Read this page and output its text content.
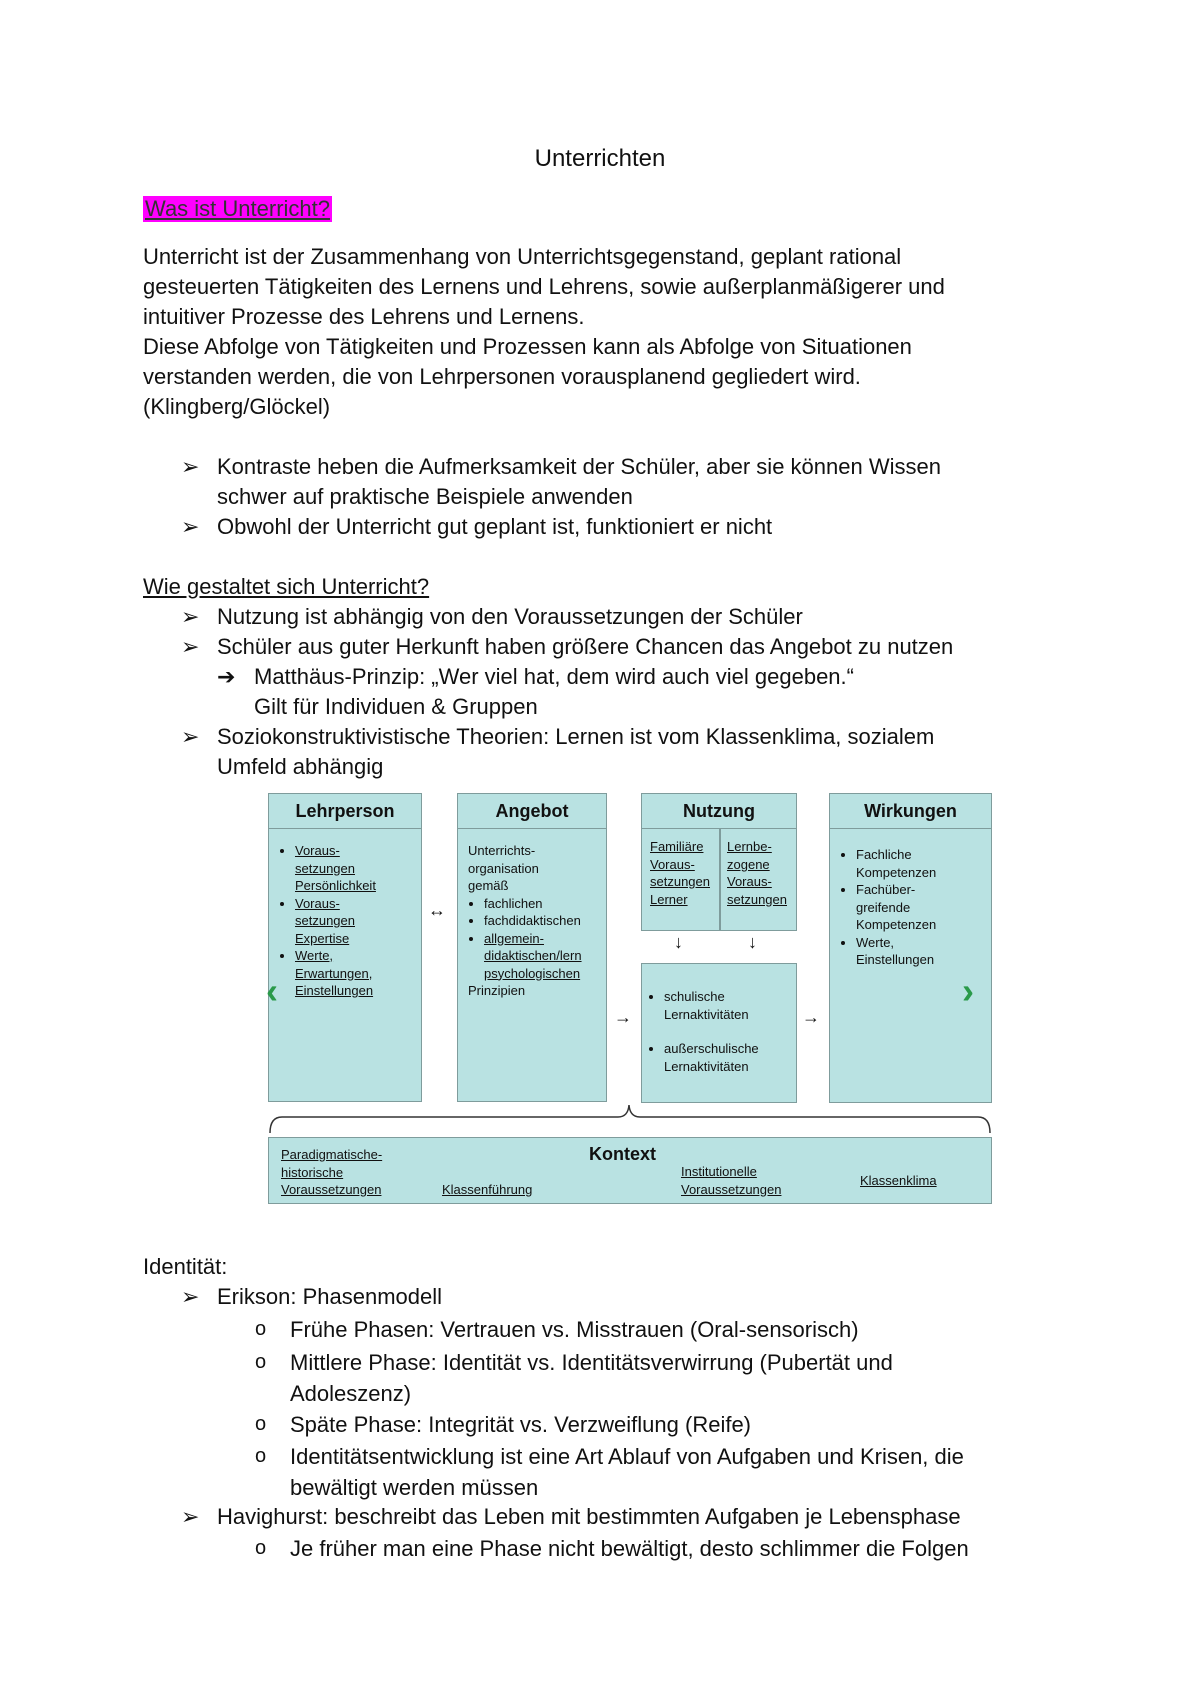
Unterrichten
Was ist Unterricht?

Unterricht ist der Zusammenhang von Unterrichtsgegenstand, geplant rational

gesteuerten Tätigkeiten des Lernens und Lehrens, sowie außerplanmäßigerer und

intuitiver Prozesse des Lehrens und Lernens.

Diese Abfolge von Tätigkeiten und Prozessen kann als Abfolge von Situationen

verstanden werden, die von Lehrpersonen vorausplanend gegliedert wird.

(Klingberg/Glöckel)

➢ Kontraste heben die Aufmerksamkeit der Schüler, aber sie können Wissen

schwer auf praktische Beispiele anwenden

➢ Obwohl der Unterricht gut geplant ist, funktioniert er nicht

Wie gestaltet sich Unterricht?
➢ Nutzung ist abhängig von den Voraussetzungen der Schüler

➢ Schüler aus guter Herkunft haben größere Chancen das Angebot zu nutzen

➔ Matthäus-Prinzip: „Wer viel hat, dem wird auch viel gegeben.“
Gilt für Individuen & Gruppen
➢ Soziokonstruktivistische Theorien: Lernen ist vom Klassenklima, sozialem

Umfeld abhängig

Lehrperson
• Voraus-
setzungen
Persönlichkeit
• Voraus-
setzungen
Expertise
• Werte,
Erwartungen,
Einstellungen
↔
Angebot
Unterrichts-
organisation
gemäß
• fachlichen
• fachdidaktischen
• allgemein-
didaktischen/lern
psychologischen
Prinzipien
→
Nutzung
Familiäre
Voraus-
setzungen
Lerner
Lernbe-
zogene
Voraus-
setzungen
↓	↓
• schulische
Lernaktivitäten
• außerschulische
Lernaktivitäten
→
Wirkungen
• Fachliche
Kompetenzen
• Fachüber-
greifende
Kompetenzen
• Werte,
Einstellungen
‹	›
Kontext
Paradigmatische-
historische
Voraussetzungen	Klassenführung
Institutionelle
Voraussetzungen
Klassenklima
Identität:
➢ Erikson: Phasenmodell

o Frühe Phasen: Vertrauen vs. Misstrauen (Oral-sensorisch)

o Mittlere Phase: Identität vs. Identitätsverwirrung (Pubertät und

Adoleszenz)

o Späte Phase: Integrität vs. Verzweiflung (Reife)

o Identitätsentwicklung ist eine Art Ablauf von Aufgaben und Krisen, die

bewältigt werden müssen

➢ Havighurst: beschreibt das Leben mit bestimmten Aufgaben je Lebensphase

o Je früher man eine Phase nicht bewältigt, desto schlimmer die Folgen
